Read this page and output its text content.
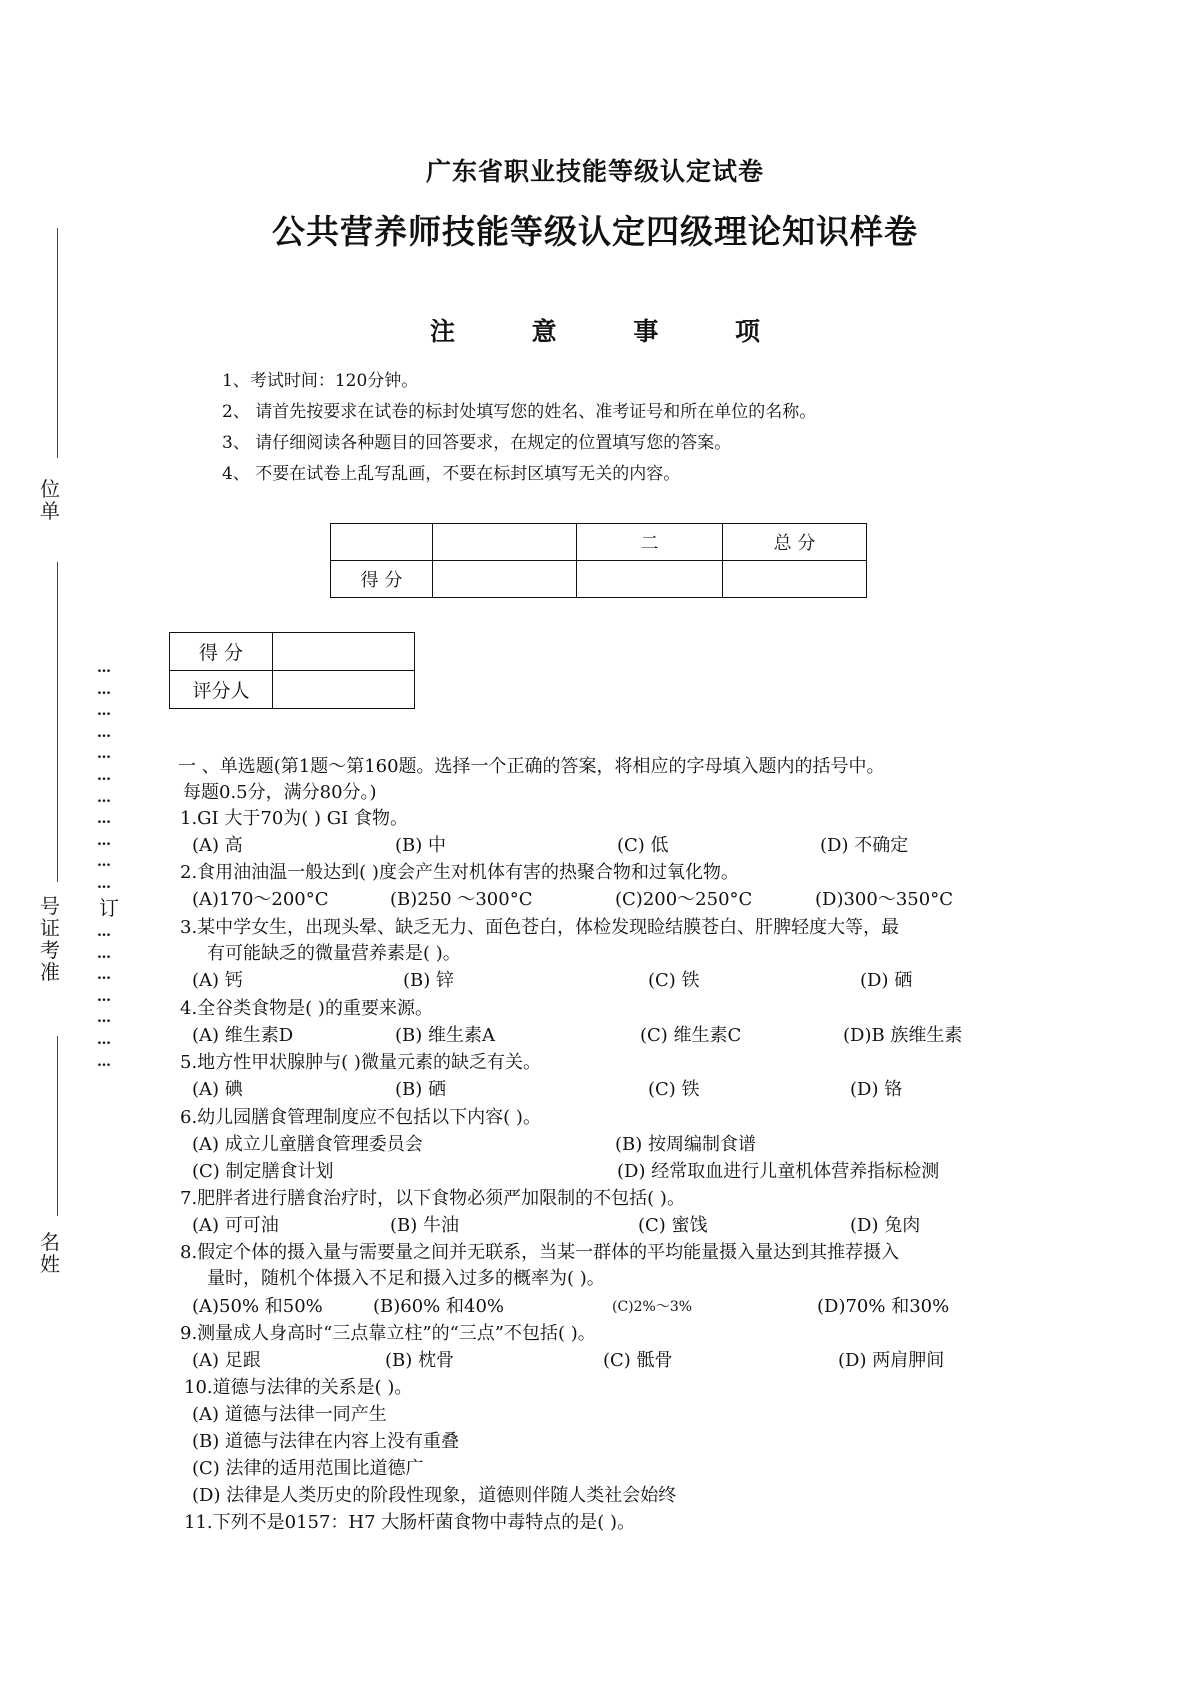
广东省职业技能等级认定试卷
公共营养师技能等级认定四级理论知识样卷
注 意 事 项
1、考试时间：120分钟。
2、 请首先按要求在试卷的标封处填写您的姓名、准考证号和所在单位的名称。
3、 请仔细阅读各种题目的回答要求，在规定的位置填写您的答案。
4、 不要在试卷上乱写乱画，不要在标封区填写无关的内容。
		二	总 分
得 分			
得 分	
评分人	
位单
号证考准
名姓
…
…
…
…
…
…
…
…
…
…
…
订
…
…
…
…
…
…
…
一 、单选题(第1题～第160题。选择一个正确的答案，将相应的字母填入题内的括号中。
每题0.5分，满分80分。)
1.GI 大于70为( ) GI 食物。
(A) 高	(B) 中	(C) 低	(D) 不确定
2.食用油油温一般达到( )度会产生对机体有害的热聚合物和过氧化物。
(A)170～200°C	(B)250 ～300°C	(C)200～250°C	(D)300～350°C
3.某中学女生，出现头晕、缺乏无力、面色苍白，体检发现睑结膜苍白、肝脾轻度大等，最
有可能缺乏的微量营养素是( )。
(A) 钙	(B) 锌	(C) 铁	(D) 硒
4.全谷类食物是( )的重要来源。
(A) 维生素D	(B) 维生素A	(C) 维生素C	(D)B 族维生素
5.地方性甲状腺肿与( )微量元素的缺乏有关。
(A) 碘	(B) 硒	(C) 铁	(D) 铬
6.幼儿园膳食管理制度应不包括以下内容( )。
(A) 成立儿童膳食管理委员会	(B) 按周编制食谱
(C) 制定膳食计划	(D) 经常取血进行儿童机体营养指标检测
7.肥胖者进行膳食治疗时，以下食物必须严加限制的不包括( )。
(A) 可可油	(B) 牛油	(C) 蜜饯	(D) 兔肉
8.假定个体的摄入量与需要量之间并无联系，当某一群体的平均能量摄入量达到其推荐摄入
量时，随机个体摄入不足和摄入过多的概率为( )。
(A)50% 和50%	(B)60% 和40%	(C)2%～3%	(D)70% 和30%
9.测量成人身高时“三点靠立柱”的“三点”不包括( )。
(A) 足跟	(B) 枕骨	(C) 骶骨	(D) 两肩胛间
10.道德与法律的关系是( )。
(A) 道德与法律一同产生
(B) 道德与法律在内容上没有重叠
(C) 法律的适用范围比道德广
(D) 法律是人类历史的阶段性现象，道德则伴随人类社会始终
11.下列不是0157：H7 大肠杆菌食物中毒特点的是( )。
